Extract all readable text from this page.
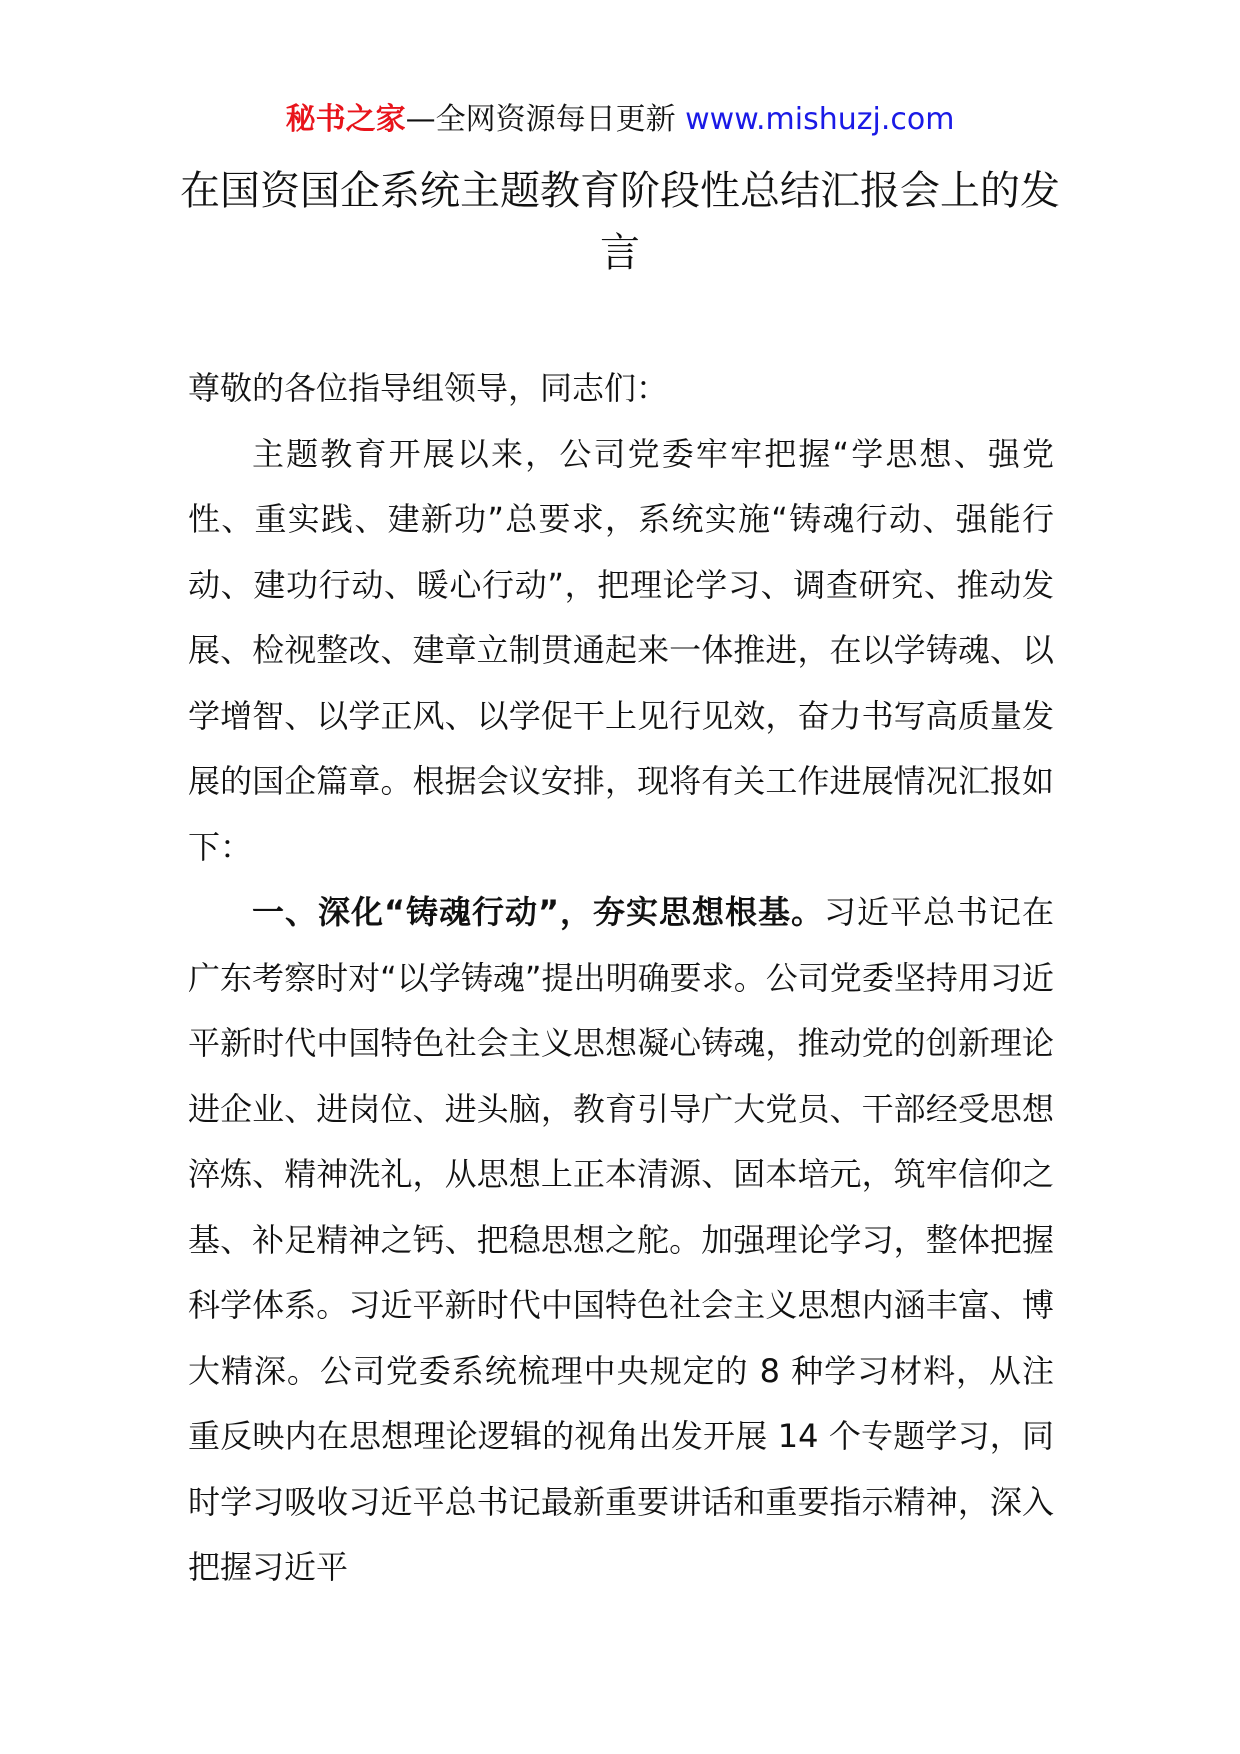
秘书之家—全网资源每日更新 www.mishuzj.com
在国资国企系统主题教育阶段性总结汇报会上的发言

尊敬的各位指导组领导，同志们：

主题教育开展以来，公司党委牢牢把握“学思想、强党性、重实践、建新功”总要求，系统实施“铸魂行动、强能行动、建功行动、暖心行动”，把理论学习、调查研究、推动发展、检视整改、建章立制贯通起来一体推进，在以学铸魂、以学增智、以学正风、以学促干上见行见效，奋力书写高质量发展的国企篇章。根据会议安排，现将有关工作进展情况汇报如下：

一、深化“铸魂行动”，夯实思想根基。习近平总书记在广东考察时对“以学铸魂”提出明确要求。公司党委坚持用习近平新时代中国特色社会主义思想凝心铸魂，推动党的创新理论进企业、进岗位、进头脑，教育引导广大党员、干部经受思想淬炼、精神洗礼，从思想上正本清源、固本培元，筑牢信仰之基、补足精神之钙、把稳思想之舵。加强理论学习，整体把握科学体系。习近平新时代中国特色社会主义思想内涵丰富、博大精深。公司党委系统梳理中央规定的 8 种学习材料，从注重反映内在思想理论逻辑的视角出发开展 14 个专题学习，同时学习吸收习近平总书记最新重要讲话和重要指示精神，深入把握习近平
